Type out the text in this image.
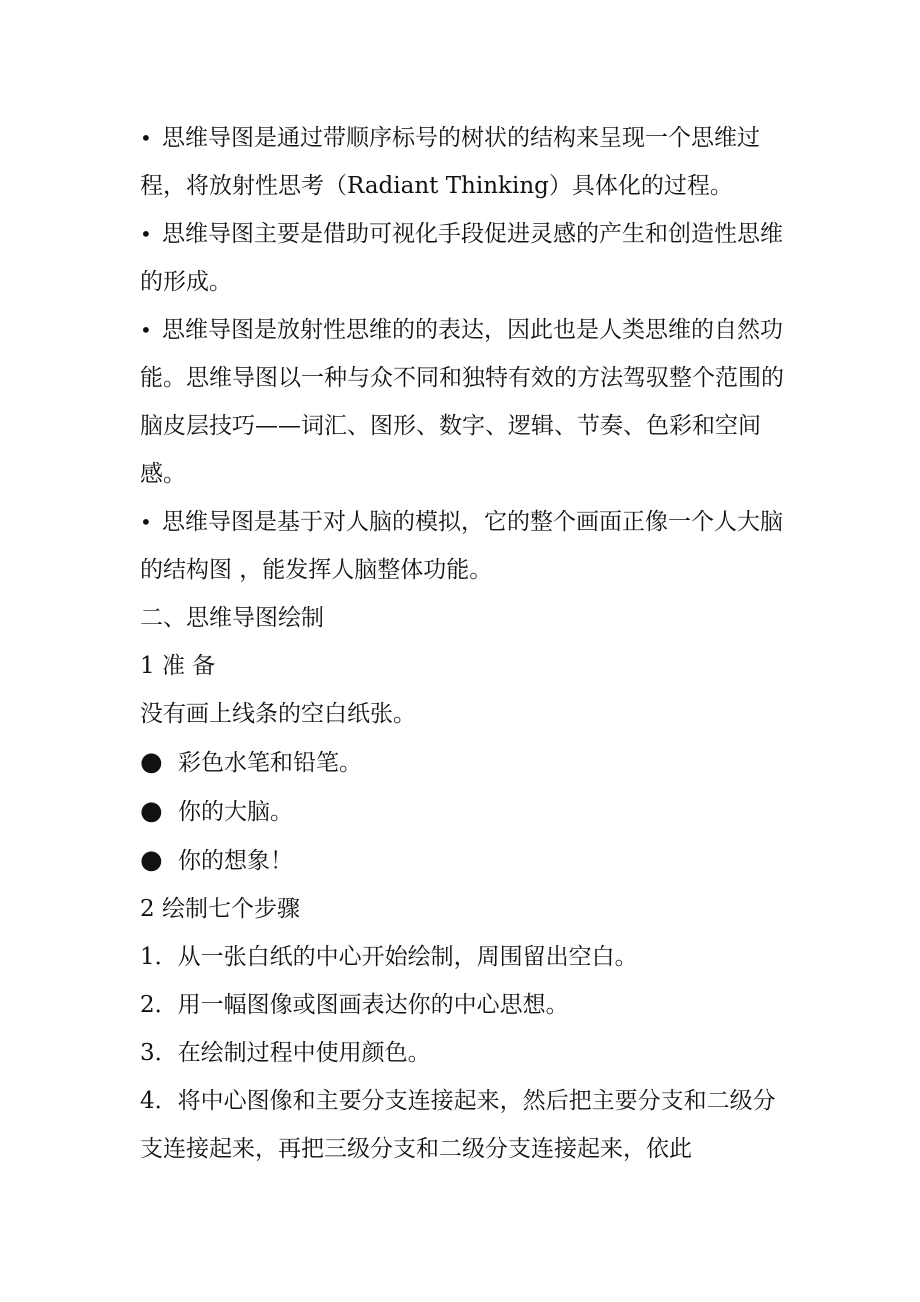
• 思维导图是通过带顺序标号的树状的结构来呈现一个思维过程，将放射性思考（Radiant Thinking）具体化的过程。

• 思维导图主要是借助可视化手段促进灵感的产生和创造性思维的形成。

• 思维导图是放射性思维的的表达，因此也是人类思维的自然功能。思维导图以一种与众不同和独特有效的方法驾驭整个范围的脑皮层技巧——词汇、图形、数字、逻辑、节奏、色彩和空间感。

• 思维导图是基于对人脑的模拟，它的整个画面正像一个人大脑的结构图 ，能发挥人脑整体功能。

二、思维导图绘制

1 准 备

没有画上线条的空白纸张。

● 彩色水笔和铅笔。

● 你的大脑。

● 你的想象！

2 绘制七个步骤

1．从一张白纸的中心开始绘制，周围留出空白。

2．用一幅图像或图画表达你的中心思想。

3．在绘制过程中使用颜色。

4．将中心图像和主要分支连接起来，然后把主要分支和二级分支连接起来，再把三级分支和二级分支连接起来，依此
